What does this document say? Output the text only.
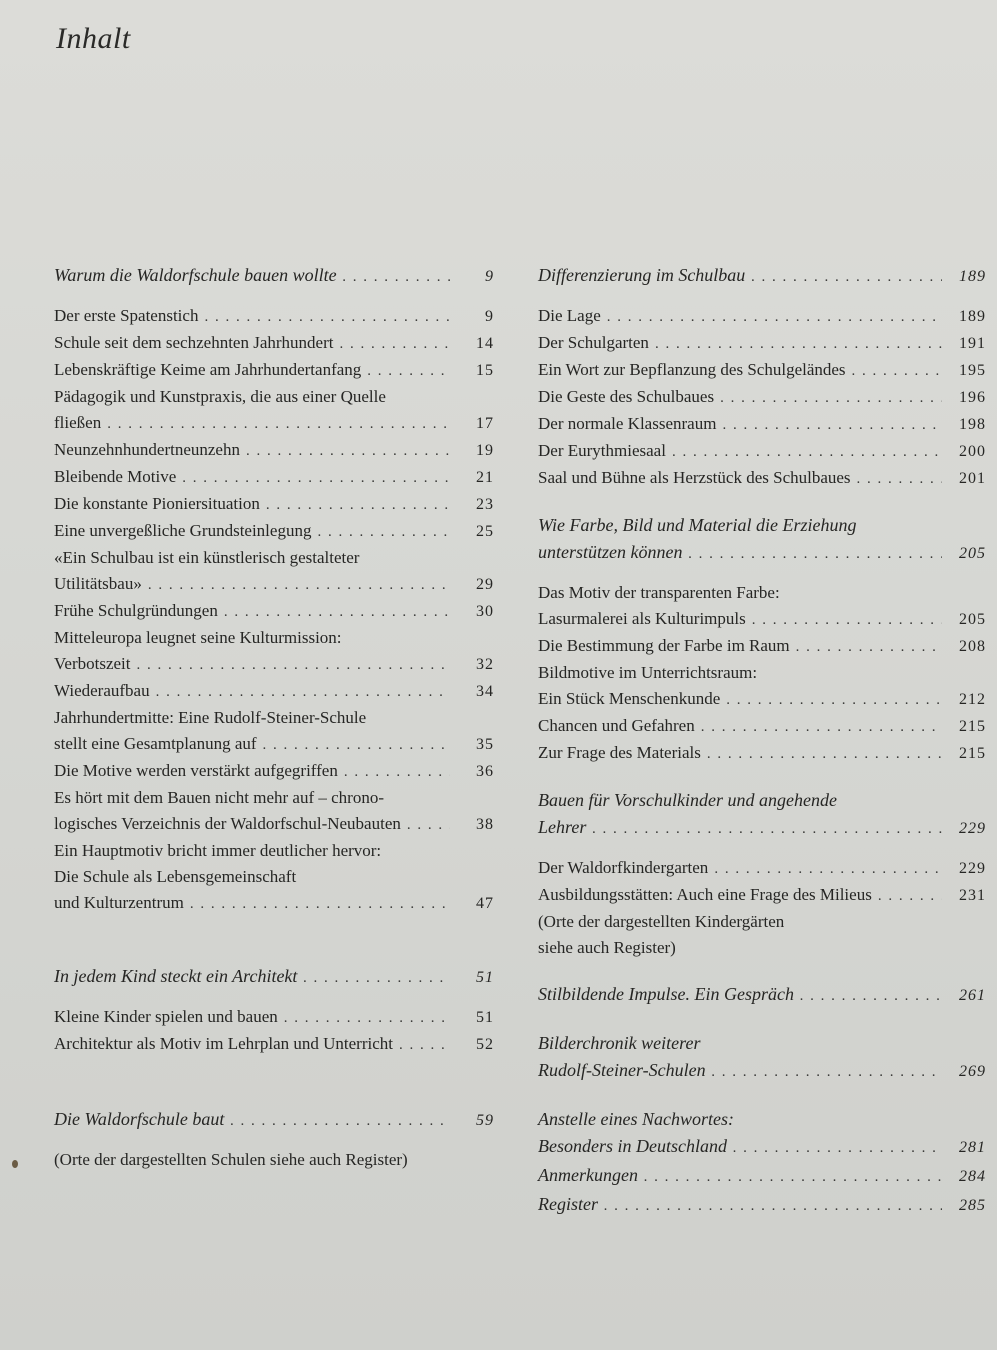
Inhalt
Warum die Waldorfschule bauen wollte . . .	9
Der erste Spatenstich . . .	9
Schule seit dem sechzehnten Jahrhundert . . .	14
Lebenskräftige Keime am Jahrhundertanfang . . .	15
Pädagogik und Kunstpraxis, die aus einer Quelle
fließen . . .	17
Neunzehnhundertneunzehn . . .	19
Bleibende Motive . . .	21
Die konstante Pioniersituation . . .	23
Eine unvergeßliche Grundsteinlegung . . .	25
«Ein Schulbau ist ein künstlerisch gestalteter
Utilitätsbau» . . .	29
Frühe Schulgründungen . . .	30
Mitteleuropa leugnet seine Kulturmission:
Verbotszeit . . .	32
Wiederaufbau . . .	34
Jahrhundertmitte: Eine Rudolf-Steiner-Schule
stellt eine Gesamtplanung auf . . .	35
Die Motive werden verstärkt aufgegriffen . . .	36
Es hört mit dem Bauen nicht mehr auf – chrono-
logisches Verzeichnis der Waldorfschul-Neubauten . . .	38
Ein Hauptmotiv bricht immer deutlicher hervor:
Die Schule als Lebensgemeinschaft
und Kulturzentrum . . .	47
In jedem Kind steckt ein Architekt . . .	51
Kleine Kinder spielen und bauen . . .	51
Architektur als Motiv im Lehrplan und Unterricht . . .	52
Die Waldorfschule baut . . .	59
(Orte der dargestellten Schulen siehe auch Register)
Differenzierung im Schulbau . . .	189
Die Lage . . .	189
Der Schulgarten . . .	191
Ein Wort zur Bepflanzung des Schulgeländes . . .	195
Die Geste des Schulbaues . . .	196
Der normale Klassenraum . . .	198
Der Eurythmiesaal . . .	200
Saal und Bühne als Herzstück des Schulbaues . . .	201
Wie Farbe, Bild und Material die Erziehung
unterstützen können . . .	205
Das Motiv der transparenten Farbe:
Lasurmalerei als Kulturimpuls . . .	205
Die Bestimmung der Farbe im Raum . . .	208
Bildmotive im Unterrichtsraum:
Ein Stück Menschenkunde . . .	212
Chancen und Gefahren . . .	215
Zur Frage des Materials . . .	215
Bauen für Vorschulkinder und angehende
Lehrer . . .	229
Der Waldorfkindergarten . . .	229
Ausbildungsstätten: Auch eine Frage des Milieus . . .	231
(Orte der dargestellten Kindergärten
siehe auch Register)
Stilbildende Impulse. Ein Gespräch . . .	261
Bilderchronik weiterer
Rudolf-Steiner-Schulen . . .	269
Anstelle eines Nachwortes:
Besonders in Deutschland . . .	281
Anmerkungen . . .	284
Register . . .	285
